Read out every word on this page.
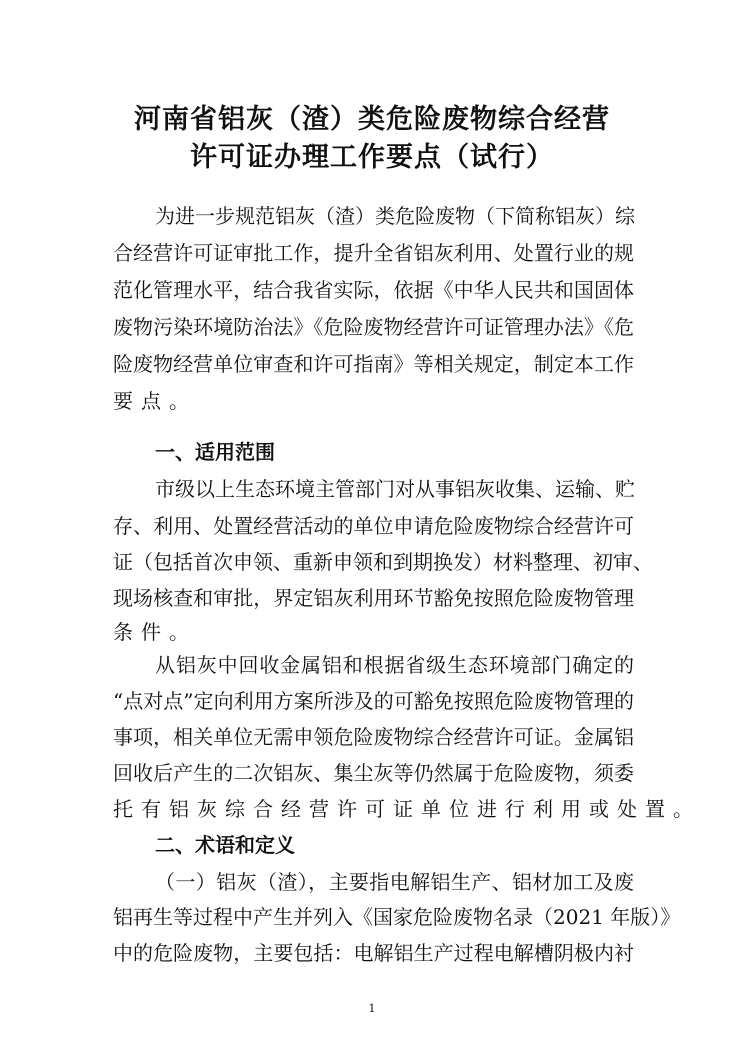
河南省铝灰（渣）类危险废物综合经营
许可证办理工作要点（试行）
为进一步规范铝灰（渣）类危险废物（下简称铝灰）综
合经营许可证审批工作，提升全省铝灰利用、处置行业的规
范化管理水平，结合我省实际，依据《中华人民共和国固体
废物污染环境防治法》《危险废物经营许可证管理办法》《危
险废物经营单位审查和许可指南》等相关规定，制定本工作
要点。
一、适用范围
市级以上生态环境主管部门对从事铝灰收集、运输、贮
存、利用、处置经营活动的单位申请危险废物综合经营许可
证（包括首次申领、重新申领和到期换发）材料整理、初审、
现场核查和审批，界定铝灰利用环节豁免按照危险废物管理
条件。
从铝灰中回收金属铝和根据省级生态环境部门确定的
“点对点”定向利用方案所涉及的可豁免按照危险废物管理的
事项，相关单位无需申领危险废物综合经营许可证。金属铝
回收后产生的二次铝灰、集尘灰等仍然属于危险废物，须委
托有铝灰综合经营许可证单位进行利用或处置。
二、术语和定义
（一）铝灰（渣），主要指电解铝生产、铝材加工及废
铝再生等过程中产生并列入《国家危险废物名录（2021 年版）》
中的危险废物，主要包括：电解铝生产过程电解槽阴极内衬
1
